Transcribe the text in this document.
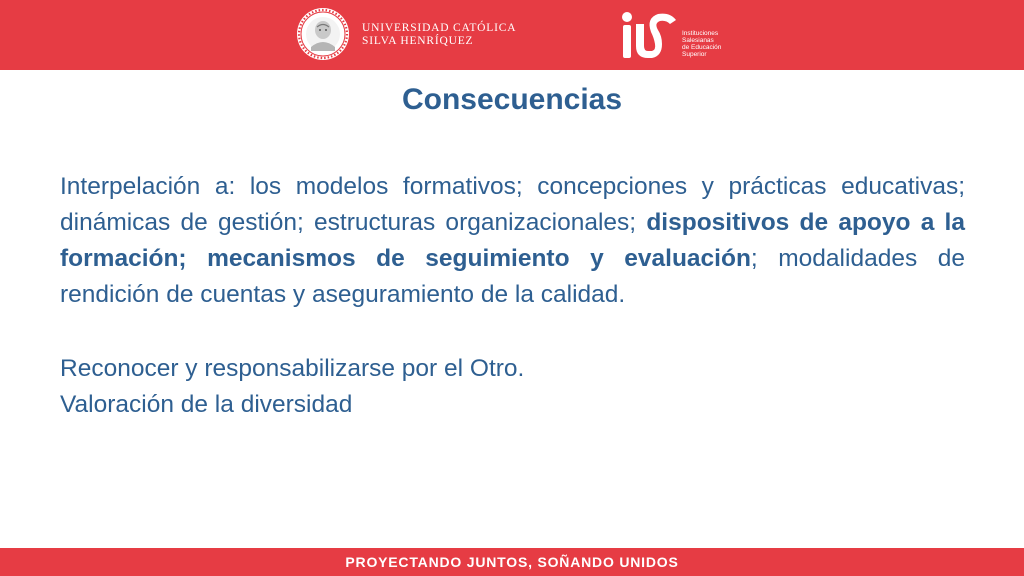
UNIVERSIDAD CATÓLICA
SILVA HENRÍQUEZ
Instituciones
Salesianas
de Educación
Superior
Consecuencias

Interpelación a: los modelos formativos; concepciones y prácticas educativas; dinámicas de gestión; estructuras organizacionales; dispositivos de apoyo a la formación; mecanismos de seguimiento y evaluación; modalidades de rendición de cuentas y aseguramiento de la calidad.

Reconocer y responsabilizarse por el Otro.

Valoración de la diversidad

PROYECTANDO JUNTOS, SOÑANDO UNIDOS
